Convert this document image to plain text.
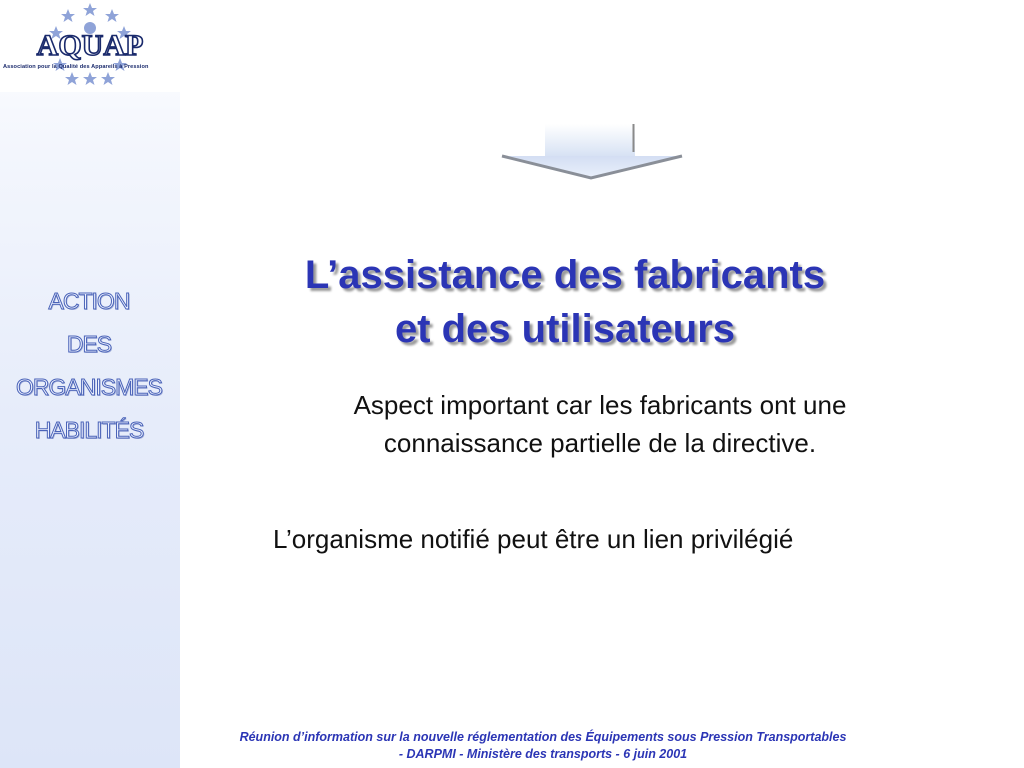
AQUAP
Association pour la Qualité des Appareils à Pression
ACTION
DES
ORGANISMES
HABILITÉS
L’assistance des fabricants
et des utilisateurs
Aspect important car les fabricants ont une
connaissance partielle de la directive.
L’organisme notifié peut être un lien privilégié
Réunion d’information sur la nouvelle réglementation des Équipements sous Pression Transportables
- DARPMI - Ministère des transports - 6 juin 2001
